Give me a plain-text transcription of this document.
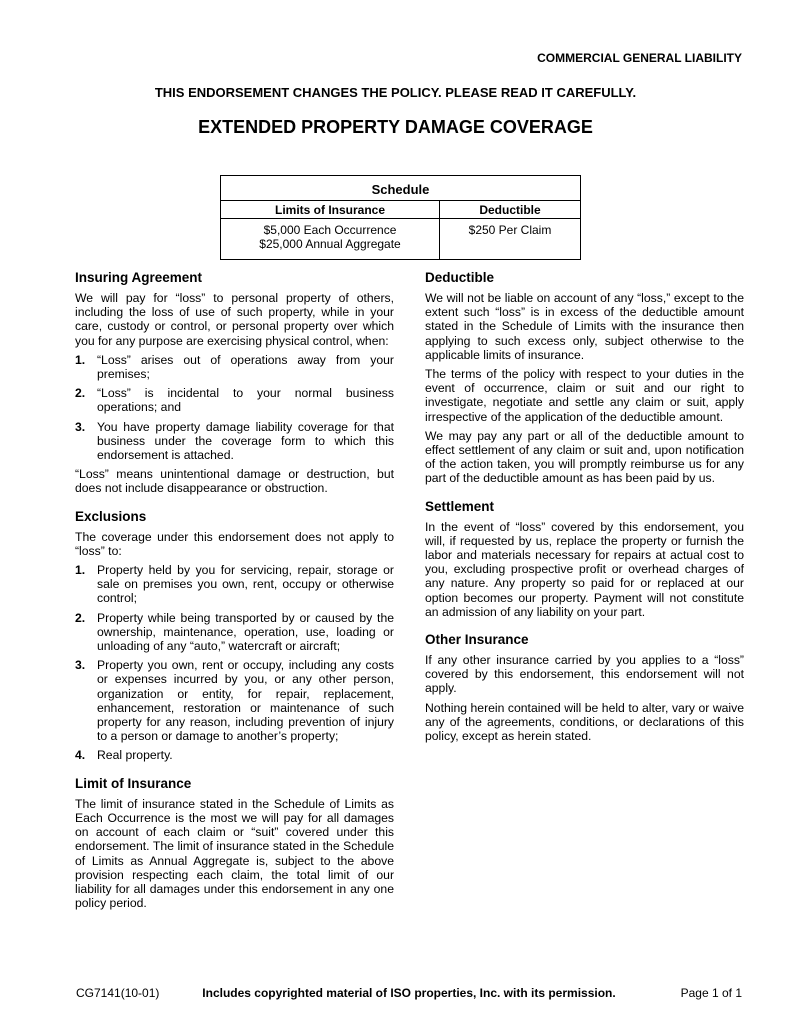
COMMERCIAL GENERAL LIABILITY
THIS ENDORSEMENT CHANGES THE POLICY. PLEASE READ IT CAREFULLY.
EXTENDED PROPERTY DAMAGE COVERAGE
Schedule	
Limits of Insurance	Deductible

$5,000 Each Occurrence
$25,000 Annual Aggregate	$250 Per Claim
Insuring Agreement

We will pay for “loss” to personal property of others, including the loss of use of such property, while in your care, custody or control, or personal property over which you for any purpose are exercising physical control, when:

1. “Loss” arises out of operations away from your premises;
2. “Loss” is incidental to your normal business operations; and
3. You have property damage liability coverage for that business under the coverage form to which this endorsement is attached.

“Loss” means unintentional damage or destruction, but does not include disappearance or obstruction.

Exclusions

The coverage under this endorsement does not apply to “loss” to:

1. Property held by you for servicing, repair, storage or sale on premises you own, rent, occupy or otherwise control;
2. Property while being transported by or caused by the ownership, maintenance, operation, use, loading or unloading of any “auto,” watercraft or aircraft;
3. Property you own, rent or occupy, including any costs or expenses incurred by you, or any other person, organization or entity, for repair, replacement, enhancement, restoration or maintenance of such property for any reason, including prevention of injury to a person or damage to another’s property;
4. Real property.
Limit of Insurance

The limit of insurance stated in the Schedule of Limits as Each Occurrence is the most we will pay for all damages on account of each claim or “suit” covered under this endorsement. The limit of insurance stated in the Schedule of Limits as Annual Aggregate is, subject to the above provision respecting each claim, the total limit of our liability for all damages under this endorsement in any one policy period.

Deductible

We will not be liable on account of any “loss,” except to the extent such “loss” is in excess of the deductible amount stated in the Schedule of Limits with the insurance then applying to such excess only, subject otherwise to the applicable limits of insurance.

The terms of the policy with respect to your duties in the event of occurrence, claim or suit and our right to investigate, negotiate and settle any claim or suit, apply irrespective of the application of the deductible amount.

We may pay any part or all of the deductible amount to effect settlement of any claim or suit and, upon notification of the action taken, you will promptly reimburse us for any part of the deductible amount as has been paid by us.

Settlement

In the event of “loss” covered by this endorsement, you will, if requested by us, replace the property or furnish the labor and materials necessary for repairs at actual cost to you, excluding prospective profit or overhead charges of any nature. Any property so paid for or replaced at our option becomes our property. Payment will not constitute an admission of any liability on your part.

Other Insurance

If any other insurance carried by you applies to a “loss” covered by this endorsement, this endorsement will not apply.

Nothing herein contained will be held to alter, vary or waive any of the agreements, conditions, or declarations of this policy, except as herein stated.

CG7141(10-01)	Includes copyrighted material of ISO properties, Inc. with its permission.	Page 1 of 1
